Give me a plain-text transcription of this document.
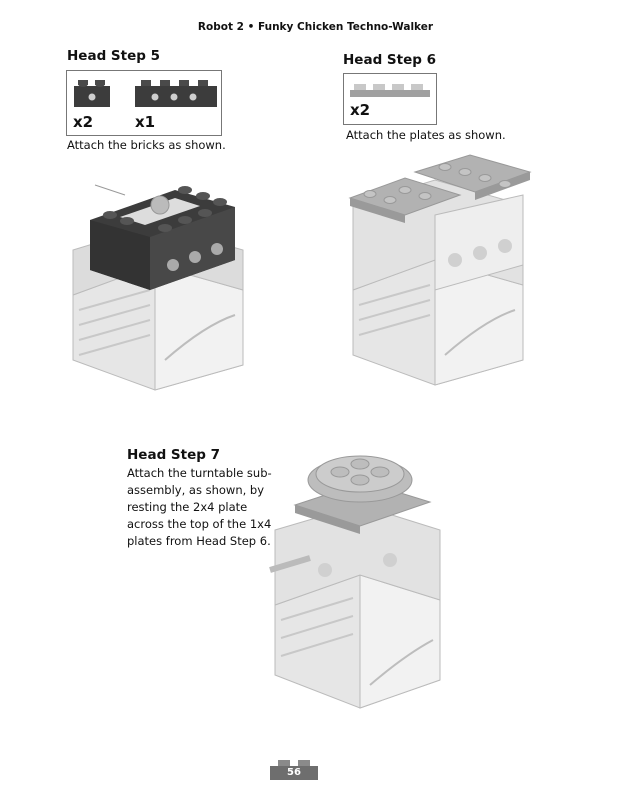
Robot 2 • Funky Chicken Techno-Walker
Head Step 5
x2	x1
Attach the bricks as shown.
Head Step 6
x2
Attach the plates as shown.
Head Step 7
Attach the turntable sub-
assembly, as shown, by
resting the 2x4 plate
across the top of the 1x4
plates from Head Step 6.
56
